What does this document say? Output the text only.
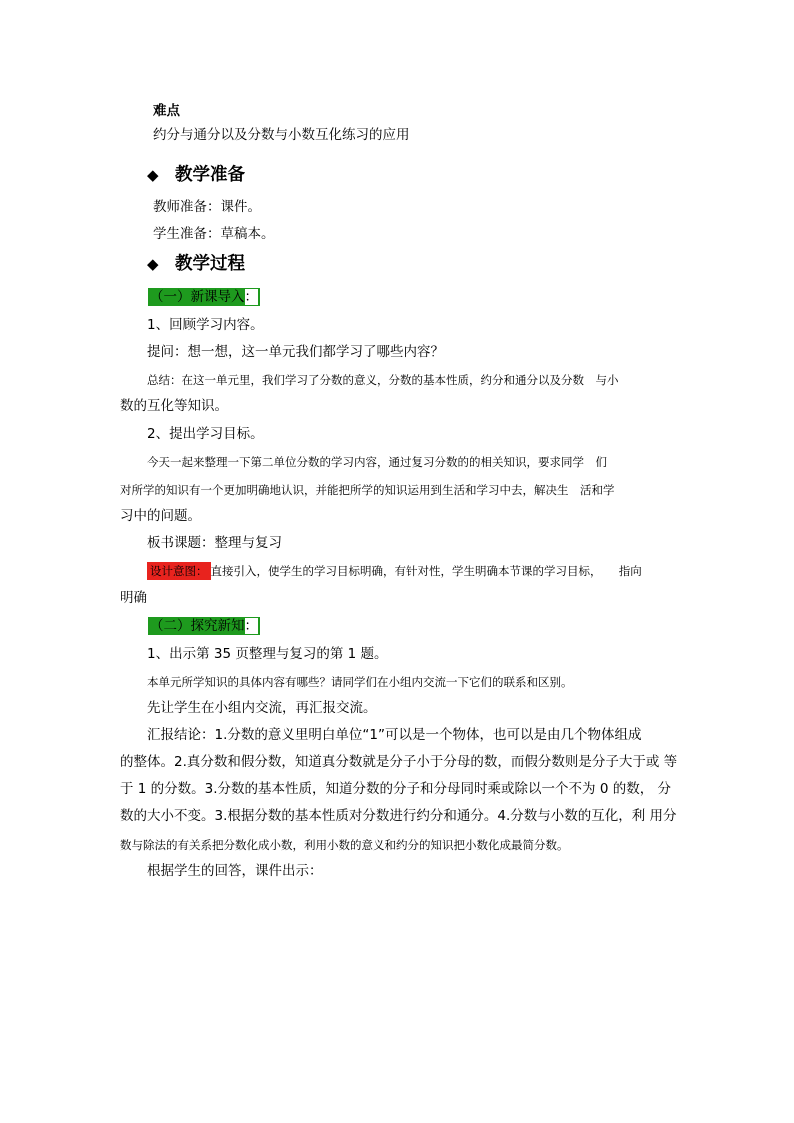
难点
约分与通分以及分数与小数互化练习的应用
◆ 教学准备
教师准备：课件。
学生准备：草稿本。
◆ 教学过程
（一）新课导入：
1、回顾学习内容。
提问：想一想，这一单元我们都学习了哪些内容？
总结：在这一单元里，我们学习了分数的意义，分数的基本性质，约分和通分以及分数　与小
数的互化等知识。
2、提出学习目标。
今天一起来整理一下第二单位分数的学习内容，通过复习分数的的相关知识，要求同学　们
对所学的知识有一个更加明确地认识，并能把所学的知识运用到生活和学习中去，解决生　活和学
习中的问题。
板书课题：整理与复习
设计意图： 直接引入，使学生的学习目标明确，有针对性，学生明确本节课的学习目标，　　指向
明确
（二）探究新知：
1、出示第 35 页整理与复习的第 1 题。
本单元所学知识的具体内容有哪些？请同学们在小组内交流一下它们的联系和区别。
先让学生在小组内交流，再汇报交流。
汇报结论：1.分数的意义里明白单位“1”可以是一个物体，也可以是由几个物体组成
的整体。2.真分数和假分数，知道真分数就是分子小于分母的数，而假分数则是分子大于或 等
于 1 的分数。3.分数的基本性质，知道分数的分子和分母同时乘或除以一个不为 0 的数， 分
数的大小不变。3.根据分数的基本性质对分数进行约分和通分。4.分数与小数的互化，利 用分
数与除法的有关系把分数化成小数，利用小数的意义和约分的知识把小数化成最简分数。
根据学生的回答，课件出示：
